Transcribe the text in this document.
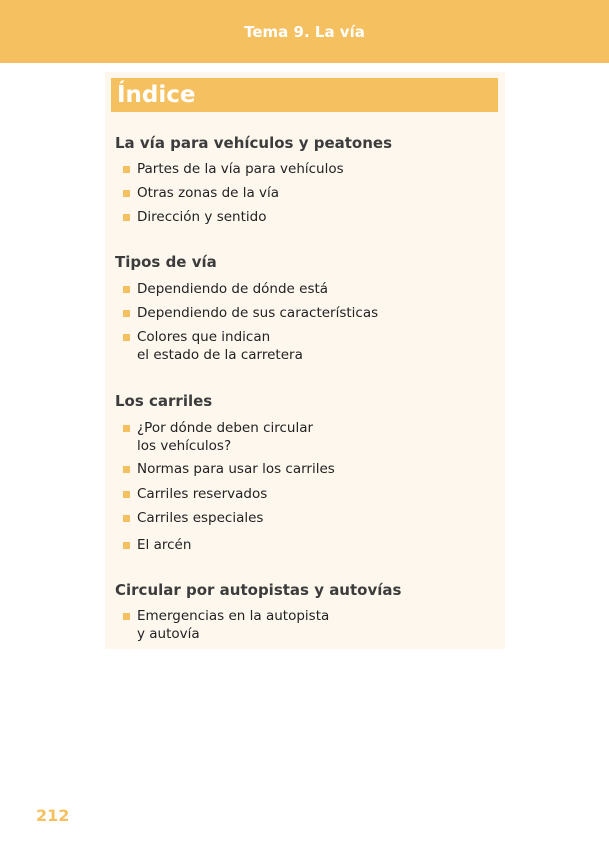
Tema 9. La vía
Índice
La vía para vehículos y peatones
Partes de la vía para vehículos
Otras zonas de la vía
Dirección y sentido
Tipos de vía
Dependiendo de dónde está
Dependiendo de sus características
Colores que indican
el estado de la carretera
Los carriles
¿Por dónde deben circular
los vehículos?
Normas para usar los carriles
Carriles reservados
Carriles especiales
El arcén
Circular por autopistas y autovías
Emergencias en la autopista
y autovía
212
